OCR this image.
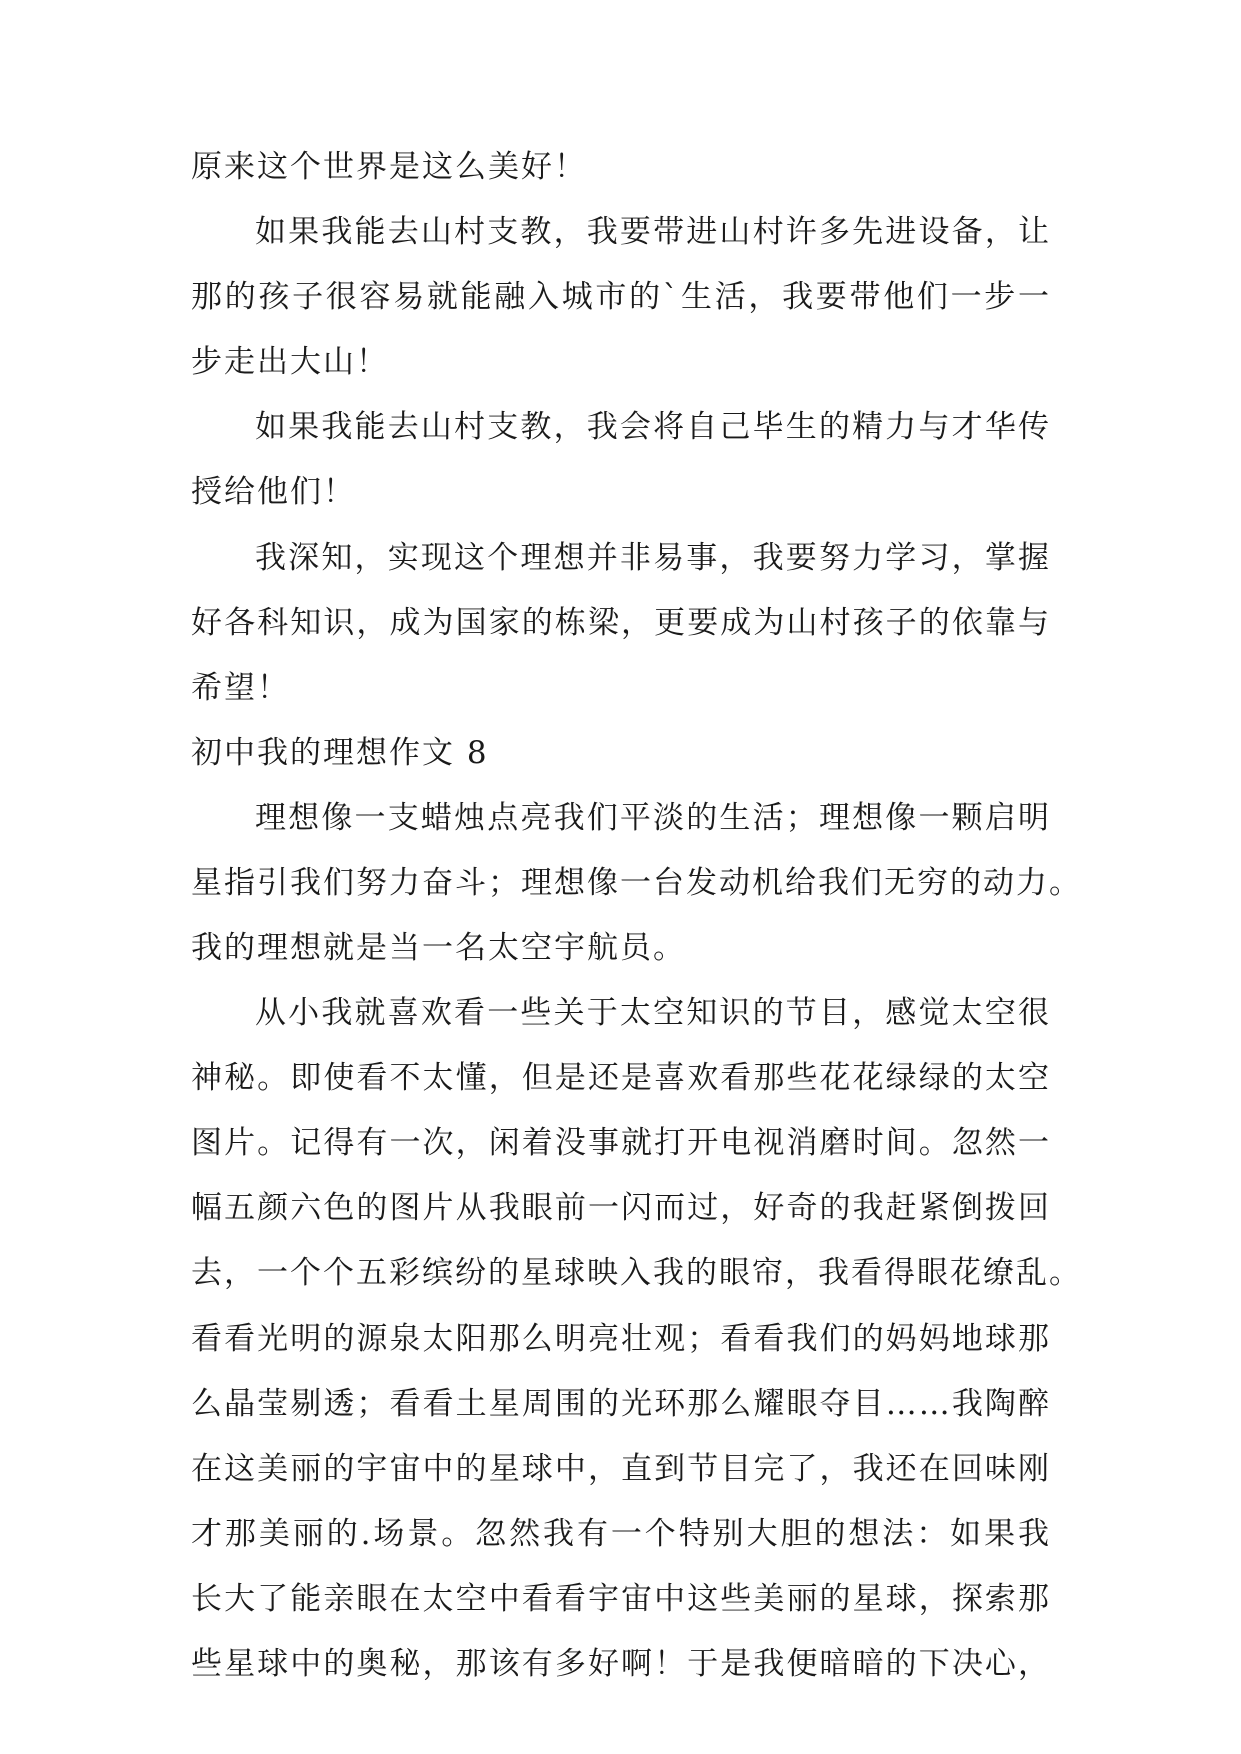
原来这个世界是这么美好！
如果我能去山村支教，我要带进山村许多先进设备，让
那的孩子很容易就能融入城市的`生活，我要带他们一步一
步走出大山！
如果我能去山村支教，我会将自己毕生的精力与才华传
授给他们！
我深知，实现这个理想并非易事，我要努力学习，掌握
好各科知识，成为国家的栋梁，更要成为山村孩子的依靠与
希望！
初中我的理想作文 8
理想像一支蜡烛点亮我们平淡的生活；理想像一颗启明
星指引我们努力奋斗；理想像一台发动机给我们无穷的动力。
我的理想就是当一名太空宇航员。
从小我就喜欢看一些关于太空知识的节目，感觉太空很
神秘。即使看不太懂，但是还是喜欢看那些花花绿绿的太空
图片。记得有一次，闲着没事就打开电视消磨时间。忽然一
幅五颜六色的图片从我眼前一闪而过，好奇的我赶紧倒拨回
去，一个个五彩缤纷的星球映入我的眼帘，我看得眼花缭乱。
看看光明的源泉太阳那么明亮壮观；看看我们的妈妈地球那
么晶莹剔透；看看土星周围的光环那么耀眼夺目……我陶醉
在这美丽的宇宙中的星球中，直到节目完了，我还在回味刚
才那美丽的.场景。忽然我有一个特别大胆的想法：如果我
长大了能亲眼在太空中看看宇宙中这些美丽的星球，探索那
些星球中的奥秘，那该有多好啊！于是我便暗暗的下决心，
